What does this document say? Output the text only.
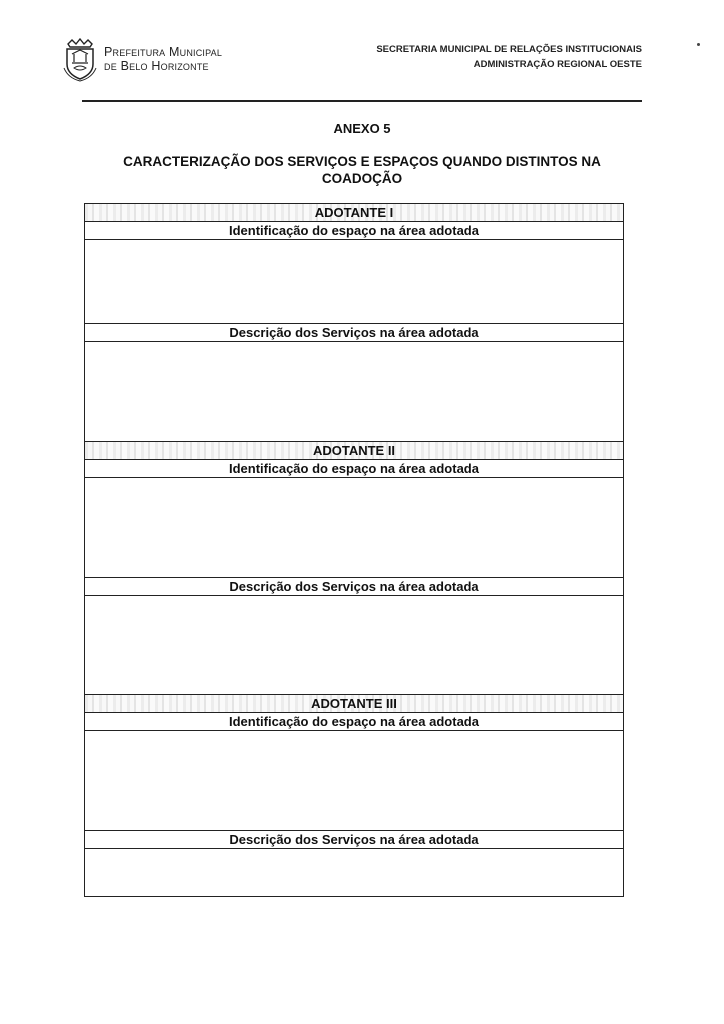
Prefeitura Municipal
de Belo Horizonte
SECRETARIA MUNICIPAL DE RELAÇÕES INSTITUCIONAIS
ADMINISTRAÇÃO REGIONAL OESTE
ANEXO 5
CARACTERIZAÇÃO DOS SERVIÇOS E ESPAÇOS QUANDO DISTINTOS NA COADOÇÃO
ADOTANTE I
Identificação do espaço na área adotada
Descrição dos Serviços na área adotada
ADOTANTE II
Identificação do espaço na área adotada
Descrição dos Serviços na área adotada
ADOTANTE III
Identificação do espaço na área adotada
Descrição dos Serviços na área adotada
